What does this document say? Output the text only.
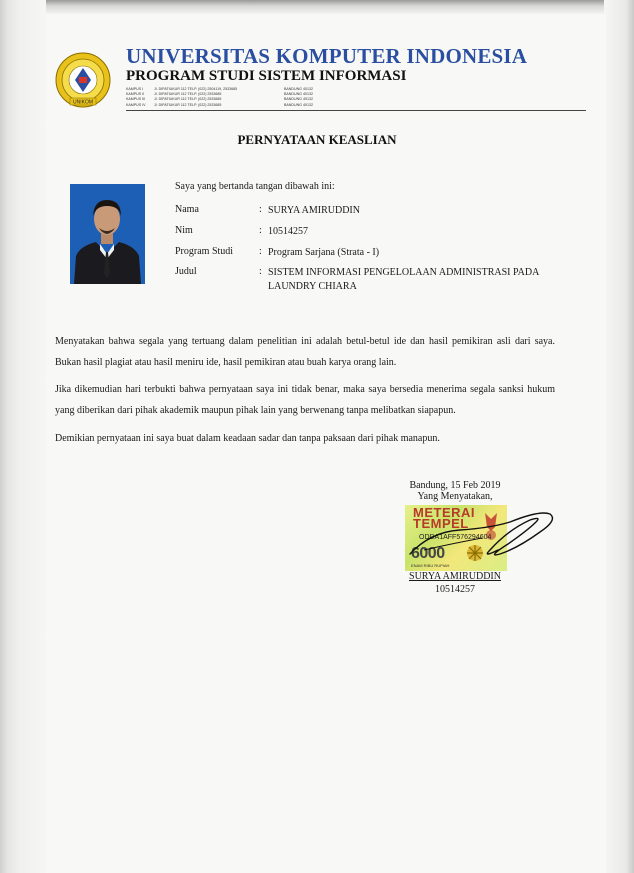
UNIKOM
UNIVERSITAS KOMPUTER INDONESIA
PROGRAM STUDI SISTEM INFORMASI
KAMPUS I	Jl. DIPATIUKUR 112 TELP. (022) 2504119, 2533685	BANDUNG 40132
KAMPUS II	Jl. DIPATIUKUR 112 TELP. (022) 2533685	BANDUNG 40132
KAMPUS III	Jl. DIPATIUKUR 112 TELP. (022) 2533685	BANDUNG 40132
KAMPUS IV	Jl. DIPATIUKUR 112 TELP. (022) 2533685	BANDUNG 40132
PERNYATAAN KEASLIAN
Saya yang bertanda tangan dibawah ini:
Nama	: SURYA AMIRUDDIN
Nim	: 10514257
Program Studi	: Program Sarjana (Strata - I)
Judul	: SISTEM INFORMASI PENGELOLAAN ADMINISTRASI PADA LAUNDRY CHIARA
Menyatakan bahwa segala yang tertuang dalam penelitian ini adalah betul-betul ide dan hasil pemikiran asli dari saya. Bukan hasil plagiat atau hasil meniru ide, hasil pemikiran atau buah karya orang lain.
Jika dikemudian hari terbukti bahwa pernyataan saya ini tidak benar, maka saya bersedia menerima segala sanksi hukum yang diberikan dari pihak akademik maupun pihak lain yang berwenang tanpa melibatkan siapapun.
Demikian pernyataan ini saya buat dalam keadaan sadar dan tanpa paksaan dari pihak manapun.
Bandung, 15 Feb 2019
Yang Menyatakan,
METERAI
TEMPEL
ODDA1AFF576294604
6000
ENAM RIBU RUPIAH
SURYA AMIRUDDIN
10514257
